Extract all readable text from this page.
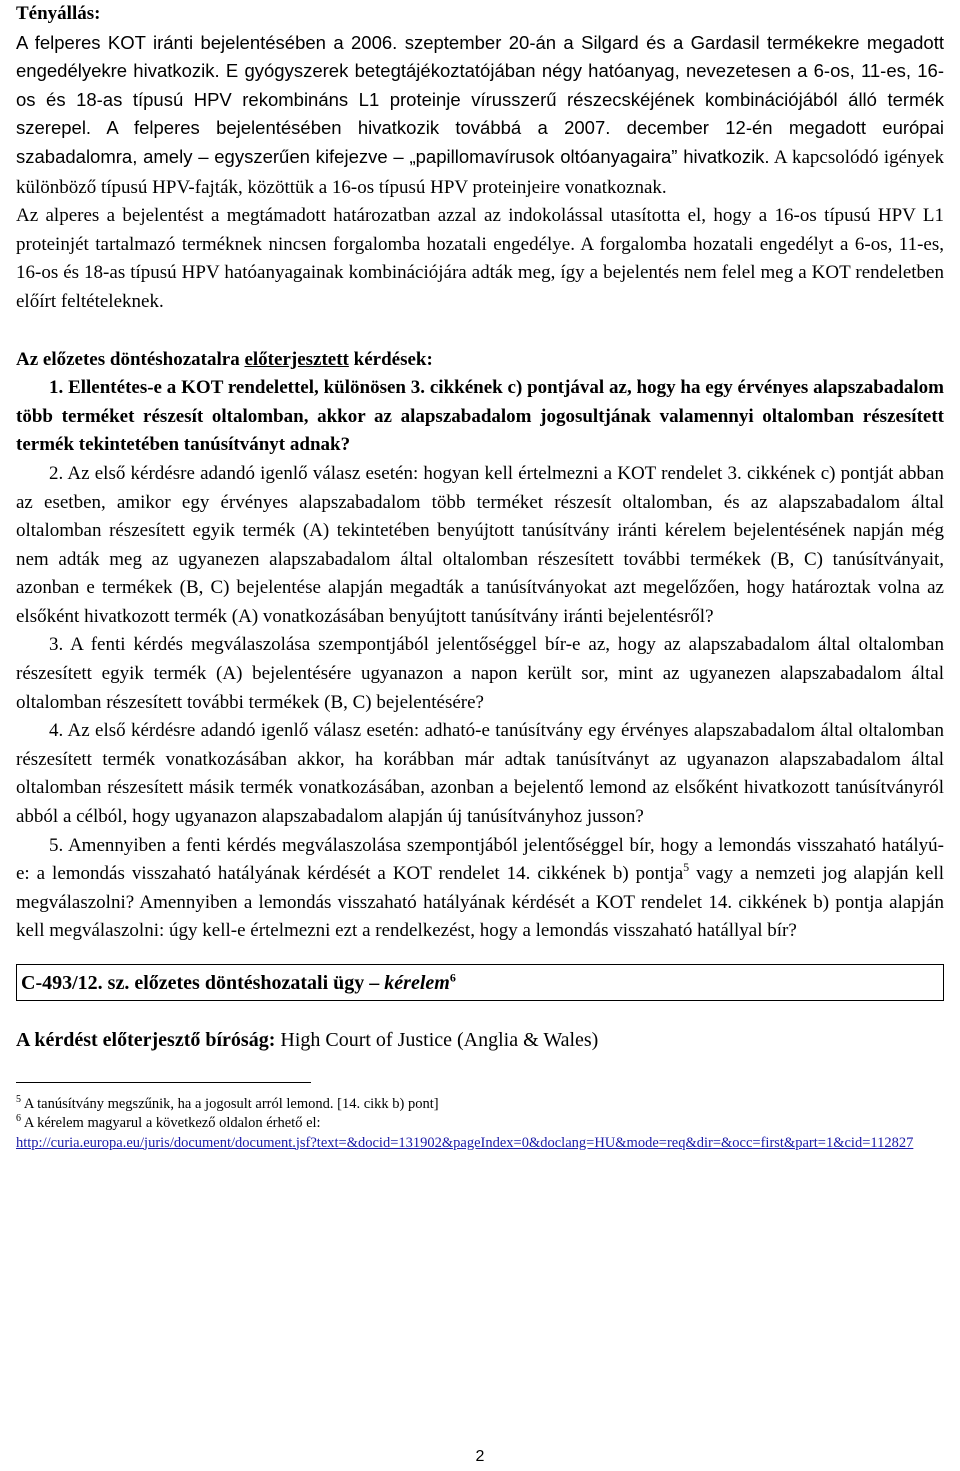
Tényállás:

A felperes KOT iránti bejelentésében a 2006. szeptember 20-án a Silgard és a Gardasil termékekre megadott engedélyekre hivatkozik. E gyógyszerek betegtájékoztatójában négy hatóanyag, nevezetesen a 6-os, 11-es, 16-os és 18-as típusú HPV rekombináns L1 proteinje vírusszerű részecskéjének kombinációjából álló termék szerepel. A felperes bejelentésében hivatkozik továbbá a 2007. december 12-én megadott európai szabadalomra, amely – egyszerűen kifejezve – „papillomavírusok oltóanyagaira” hivatkozik. A kapcsolódó igények különböző típusú HPV-fajták, közöttük a 16-os típusú HPV proteinjeire vonatkoznak.

Az alperes a bejelentést a megtámadott határozatban azzal az indokolással utasította el, hogy a 16-os típusú HPV L1 proteinjét tartalmazó terméknek nincsen forgalomba hozatali engedélye. A forgalomba hozatali engedélyt a 6-os, 11-es, 16-os és 18-as típusú HPV hatóanyagainak kombinációjára adták meg, így a bejelentés nem felel meg a KOT rendeletben előírt feltételeknek.

Az előzetes döntéshozatalra előterjesztett kérdések:

1. Ellentétes-e a KOT rendelettel, különösen 3. cikkének c) pontjával az, hogy ha egy érvényes alapszabadalom több terméket részesít oltalomban, akkor az alapszabadalom jogosultjának valamennyi oltalomban részesített termék tekintetében tanúsítványt adnak?

2. Az első kérdésre adandó igenlő válasz esetén: hogyan kell értelmezni a KOT rendelet 3. cikkének c) pontját abban az esetben, amikor egy érvényes alapszabadalom több terméket részesít oltalomban, és az alapszabadalom által oltalomban részesített egyik termék (A) tekintetében benyújtott tanúsítvány iránti kérelem bejelentésének napján még nem adták meg az ugyanezen alapszabadalom által oltalomban részesített további termékek (B, C) tanúsítványait, azonban e termékek (B, C) bejelentése alapján megadták a tanúsítványokat azt megelőzően, hogy határoztak volna az elsőként hivatkozott termék (A) vonatkozásában benyújtott tanúsítvány iránti bejelentésről?

3. A fenti kérdés megválaszolása szempontjából jelentőséggel bír-e az, hogy az alapszabadalom által oltalomban részesített egyik termék (A) bejelentésére ugyanazon a napon került sor, mint az ugyanezen alapszabadalom által oltalomban részesített további termékek (B, C) bejelentésére?

4. Az első kérdésre adandó igenlő válasz esetén: adható-e tanúsítvány egy érvényes alapszabadalom által oltalomban részesített termék vonatkozásában akkor, ha korábban már adtak tanúsítványt az ugyanazon alapszabadalom által oltalomban részesített másik termék vonatkozásában, azonban a bejelentő lemond az elsőként hivatkozott tanúsítványról abból a célból, hogy ugyanazon alapszabadalom alapján új tanúsítványhoz jusson?

5. Amennyiben a fenti kérdés megválaszolása szempontjából jelentőséggel bír, hogy a lemondás visszaható hatályú-e: a lemondás visszaható hatályának kérdését a KOT rendelet 14. cikkének b) pontja$^5$ vagy a nemzeti jog alapján kell megválaszolni? Amennyiben a lemondás visszaható hatályának kérdését a KOT rendelet 14. cikkének b) pontja alapján kell megválaszolni: úgy kell-e értelmezni ezt a rendelkezést, hogy a lemondás visszaható hatállyal bír?

C-493/12. sz. előzetes döntéshozatali ügy – kérelem$^6$

A kérdést előterjesztő bíróság: High Court of Justice (Anglia & Wales)

$^5$ A tanúsítvány megszűnik, ha a jogosult arról lemond. [14. cikk b) pont]
$^6$ A kérelem magyarul a következő oldalon érhető el:
http://curia.europa.eu/juris/document/document.jsf?text=&docid=131902&pageIndex=0&doclang=HU&mode=req&dir=&occ=first&part=1&cid=112827
2
